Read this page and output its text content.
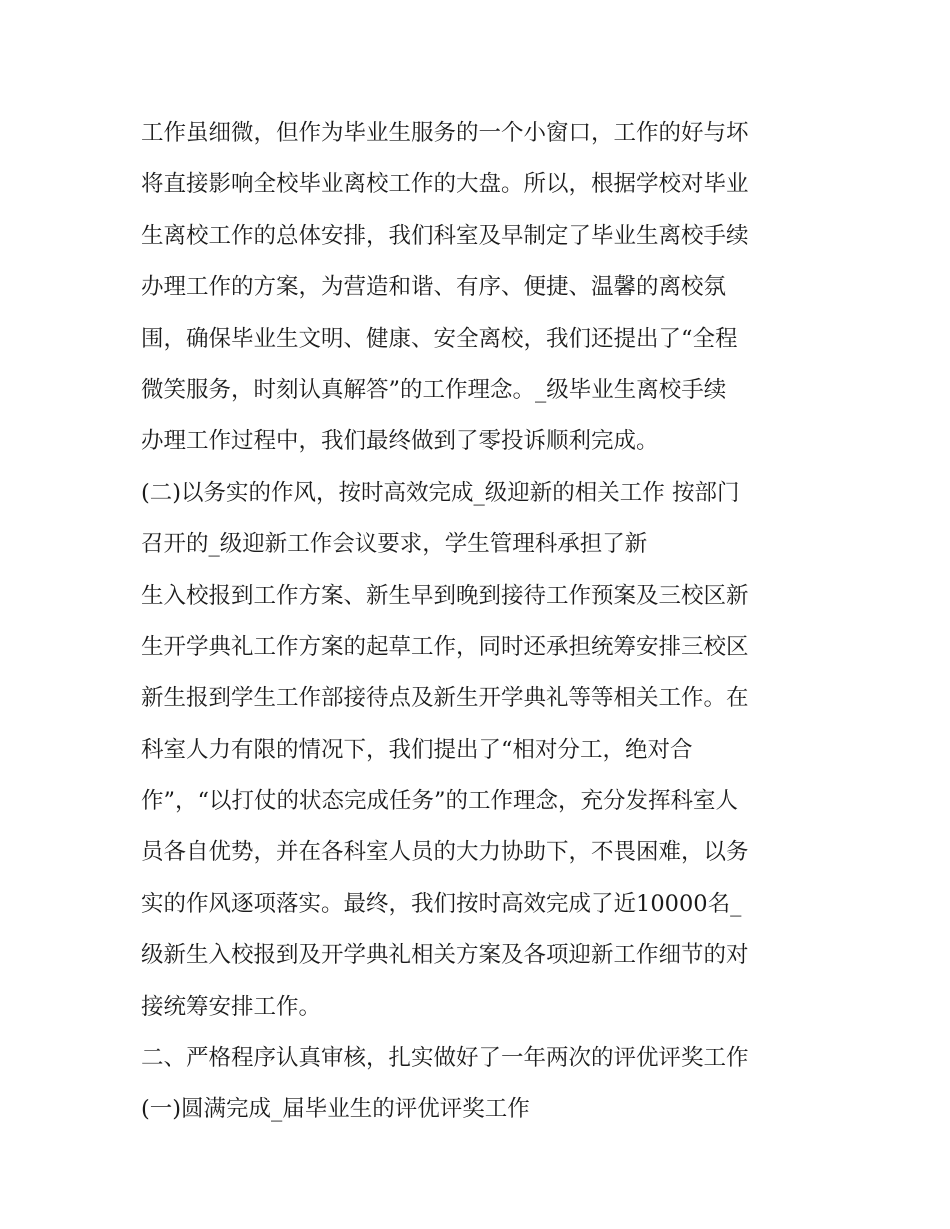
工作虽细微，但作为毕业生服务的一个小窗口，工作的好与坏
将直接影响全校毕业离校工作的大盘。所以，根据学校对毕业
生离校工作的总体安排，我们科室及早制定了毕业生离校手续
办理工作的方案，为营造和谐、有序、便捷、温馨的离校氛
围，确保毕业生文明、健康、安全离校，我们还提出了“全程
微笑服务，时刻认真解答”的工作理念。_级毕业生离校手续
办理工作过程中，我们最终做到了零投诉顺利完成。
(二)以务实的作风，按时高效完成_级迎新的相关工作 按部门
召开的_级迎新工作会议要求，学生管理科承担了新
生入校报到工作方案、新生早到晚到接待工作预案及三校区新
生开学典礼工作方案的起草工作，同时还承担统筹安排三校区
新生报到学生工作部接待点及新生开学典礼等等相关工作。在
科室人力有限的情况下，我们提出了“相对分工，绝对合
作”，“以打仗的状态完成任务”的工作理念，充分发挥科室人
员各自优势，并在各科室人员的大力协助下，不畏困难，以务
实的作风逐项落实。最终，我们按时高效完成了近10000名_
级新生入校报到及开学典礼相关方案及各项迎新工作细节的对
接统筹安排工作。
二、严格程序认真审核，扎实做好了一年两次的评优评奖工作
(一)圆满完成_届毕业生的评优评奖工作
